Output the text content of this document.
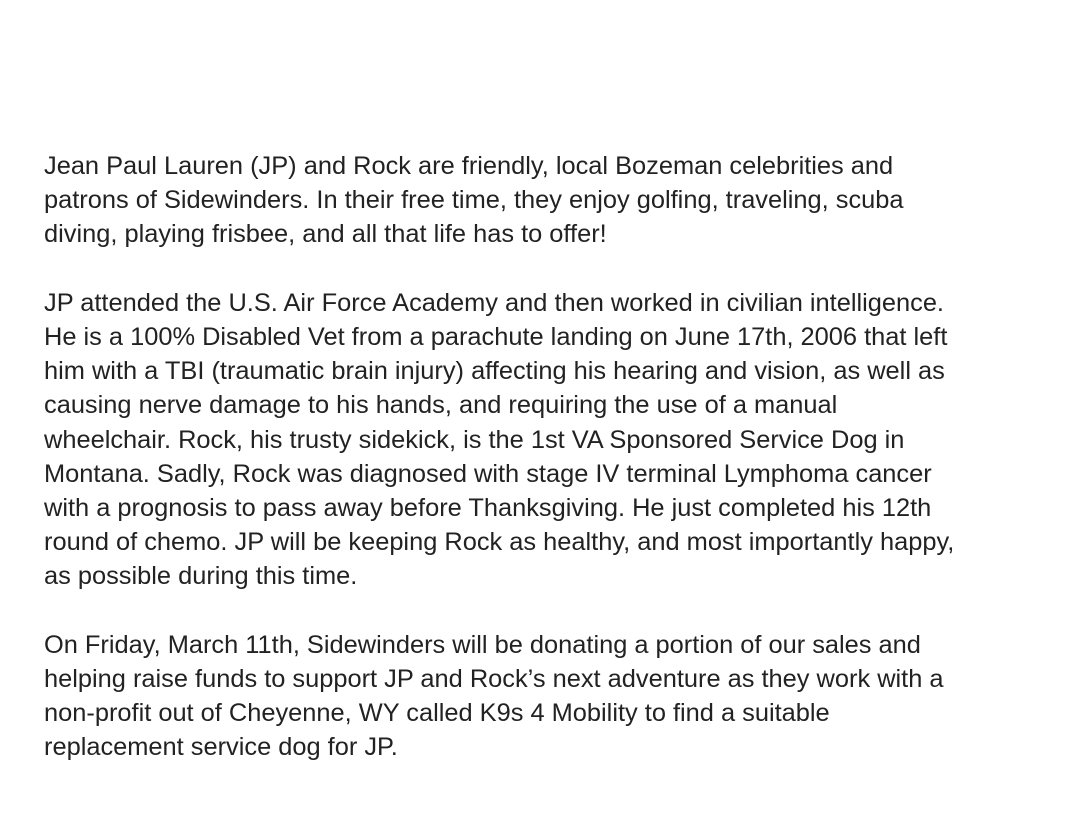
Jean Paul Lauren (JP) and Rock are friendly, local Bozeman celebrities and
patrons of Sidewinders. In their free time, they enjoy golfing, traveling, scuba
diving, playing frisbee, and all that life has to offer!

JP attended the U.S. Air Force Academy and then worked in civilian intelligence.
He is a 100% Disabled Vet from a parachute landing on June 17th, 2006 that left
him with a TBI (traumatic brain injury) affecting his hearing and vision, as well as
causing nerve damage to his hands, and requiring the use of a manual
wheelchair. Rock, his trusty sidekick, is the 1st VA Sponsored Service Dog in
Montana. Sadly, Rock was diagnosed with stage IV terminal Lymphoma cancer
with a prognosis to pass away before Thanksgiving. He just completed his 12th
round of chemo. JP will be keeping Rock as healthy, and most importantly happy,
as possible during this time.

On Friday, March 11th, Sidewinders will be donating a portion of our sales and
helping raise funds to support JP and Rock’s next adventure as they work with a
non-profit out of Cheyenne, WY called K9s 4 Mobility to find a suitable
replacement service dog for JP.
